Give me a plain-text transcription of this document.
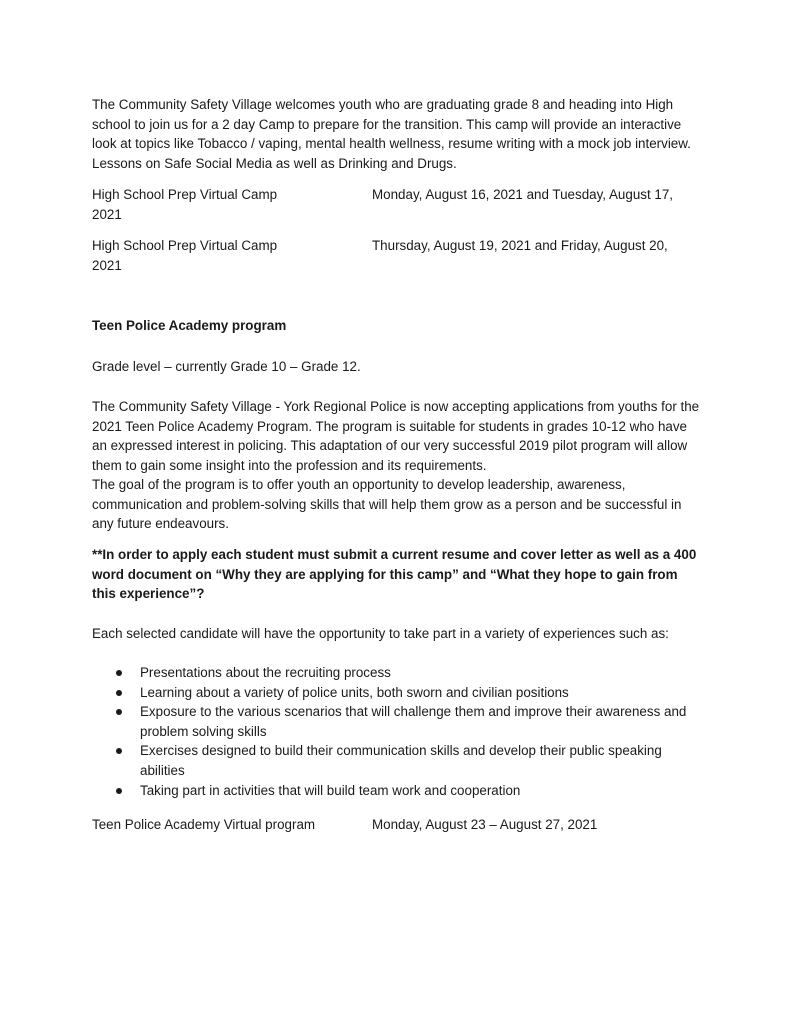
The Community Safety Village welcomes youth who are graduating grade 8 and heading into High school to join us for a 2 day Camp to prepare for the transition. This camp will provide an interactive look at topics like Tobacco / vaping, mental health wellness, resume writing with a mock job interview. Lessons on Safe Social Media as well as Drinking and Drugs.

High School Prep Virtual Camp	Monday, August 16, 2021 and Tuesday, August 17,
2021
High School Prep Virtual Camp	Thursday, August 19, 2021 and Friday, August 20,
2021

Teen Police Academy program

Grade level – currently Grade 10 – Grade 12.

The Community Safety Village - York Regional Police is now accepting applications from youths for the 2021 Teen Police Academy Program. The program is suitable for students in grades 10-12 who have an expressed interest in policing. This adaptation of our very successful 2019 pilot program will allow them to gain some insight into the profession and its requirements.

The goal of the program is to offer youth an opportunity to develop leadership, awareness, communication and problem-solving skills that will help them grow as a person and be successful in any future endeavours.

**In order to apply each student must submit a current resume and cover letter as well as a 400 word document on “Why they are applying for this camp” and “What they hope to gain from this experience”?

Each selected candidate will have the opportunity to take part in a variety of experiences such as:

Presentations about the recruiting process
Learning about a variety of police units, both sworn and civilian positions
Exposure to the various scenarios that will challenge them and improve their awareness and problem solving skills
Exercises designed to build their communication skills and develop their public speaking abilities
Taking part in activities that will build team work and cooperation
Teen Police Academy Virtual program	Monday, August 23 – August 27, 2021
